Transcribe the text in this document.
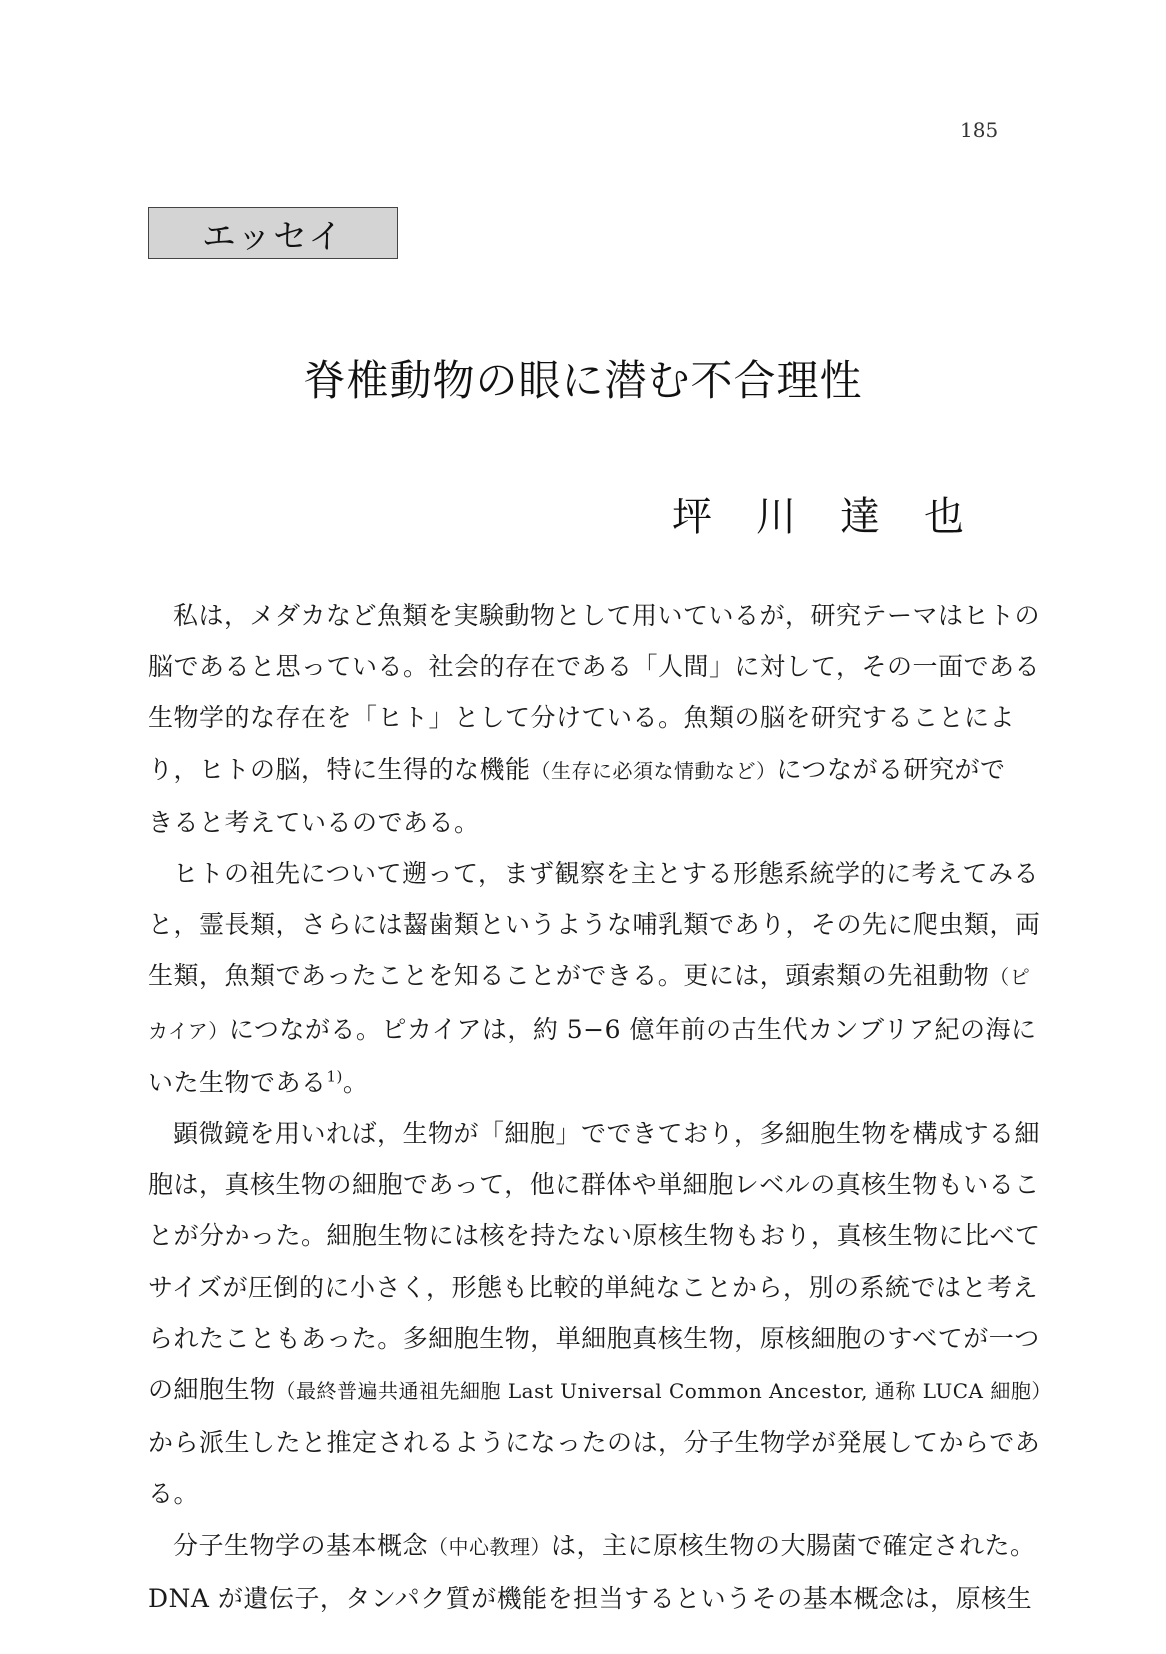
185
エッセイ
脊椎動物の眼に潜む不合理性
坪 川 達 也

私は，メダカなど魚類を実験動物として用いているが，研究テーマはヒトの
脳であると思っている。社会的存在である「人間」に対して，その一面である
生物学的な存在を「ヒト」として分けている。魚類の脳を研究することによ
り，ヒトの脳，特に生得的な機能（生存に必須な情動など）につながる研究がで
きると考えているのである。

ヒトの祖先について遡って，まず観察を主とする形態系統学的に考えてみる
と，霊長類，さらには齧歯類というような哺乳類であり，その先に爬虫類，両
生類，魚類であったことを知ることができる。更には，頭索類の先祖動物（ピ
カイア）につながる。ピカイアは，約 5−6 億年前の古生代カンブリア紀の海に
いた生物である$^{1)}$。

顕微鏡を用いれば，生物が「細胞」でできており，多細胞生物を構成する細
胞は，真核生物の細胞であって，他に群体や単細胞レベルの真核生物もいるこ
とが分かった。細胞生物には核を持たない原核生物もおり，真核生物に比べて
サイズが圧倒的に小さく，形態も比較的単純なことから，別の系統ではと考え
られたこともあった。多細胞生物，単細胞真核生物，原核細胞のすべてが一つ
の細胞生物（最終普遍共通祖先細胞 Last Universal Common Ancestor, 通称 LUCA 細胞）
から派生したと推定されるようになったのは，分子生物学が発展してからであ
る。

分子生物学の基本概念（中心教理）は，主に原核生物の大腸菌で確定された。
DNA が遺伝子，タンパク質が機能を担当するというその基本概念は，原核生
